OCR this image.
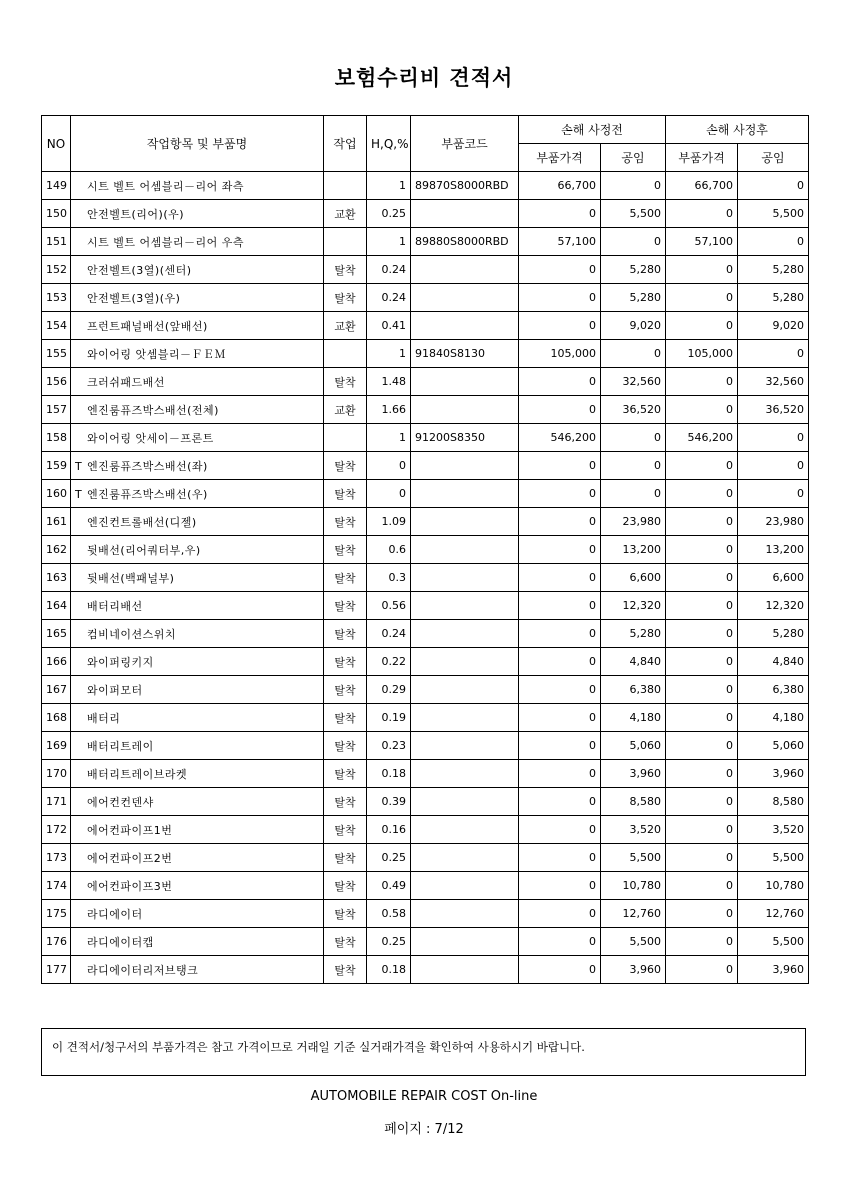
보험수리비 견적서
NO	작업항목 및 부품명	작업	H,Q,%	부품코드	손해 사정전		손해 사정후	
					부품가격	공임	부품가격	공임
149	시트 벨트 어셈블리－리어 좌측		1	89870S8000RBD	66,700	0	66,700	0
150	안전벨트(리어)(우)	교환	0.25		0	5,500	0	5,500
151	시트 벨트 어셈블리－리어 우측		1	89880S8000RBD	57,100	0	57,100	0
152	안전벨트(3열)(센터)	탈착	0.24		0	5,280	0	5,280
153	안전벨트(3열)(우)	탈착	0.24		0	5,280	0	5,280
154	프런트패널배선(앞배선)	교환	0.41		0	9,020	0	9,020
155	와이어링 앗셈블리－ＦＥＭ		1	91840S8130	105,000	0	105,000	0
156	크러쉬패드배선	탈착	1.48		0	32,560	0	32,560
157	엔진룸퓨즈박스배선(전체)	교환	1.66		0	36,520	0	36,520
158	와이어링 앗세이－프론트		1	91200S8350	546,200	0	546,200	0
159	T 엔진룸퓨즈박스배선(좌)	탈착	0		0	0	0	0
160	T 엔진룸퓨즈박스배선(우)	탈착	0		0	0	0	0
161	엔진컨트롤배선(디젤)	탈착	1.09		0	23,980	0	23,980
162	뒷배선(리어쿼터부,우)	탈착	0.6		0	13,200	0	13,200
163	뒷배선(백패널부)	탈착	0.3		0	6,600	0	6,600
164	배터리배선	탈착	0.56		0	12,320	0	12,320
165	컴비네이션스위치	탈착	0.24		0	5,280	0	5,280
166	와이퍼링키지	탈착	0.22		0	4,840	0	4,840
167	와이퍼모터	탈착	0.29		0	6,380	0	6,380
168	배터리	탈착	0.19		0	4,180	0	4,180
169	배터리트레이	탈착	0.23		0	5,060	0	5,060
170	배터리트레이브라켓	탈착	0.18		0	3,960	0	3,960
171	에어컨컨덴샤	탈착	0.39		0	8,580	0	8,580
172	에어컨파이프1번	탈착	0.16		0	3,520	0	3,520
173	에어컨파이프2번	탈착	0.25		0	5,500	0	5,500
174	에어컨파이프3번	탈착	0.49		0	10,780	0	10,780
175	라디에이터	탈착	0.58		0	12,760	0	12,760
176	라디에이터캡	탈착	0.25		0	5,500	0	5,500
177	라디에이터리저브탱크	탈착	0.18		0	3,960	0	3,960
이 견적서/청구서의 부품가격은 참고 가격이므로 거래일 기준 실거래가격을 확인하여 사용하시기 바랍니다.
AUTOMOBILE REPAIR COST On-line
페이지 : 7/12
